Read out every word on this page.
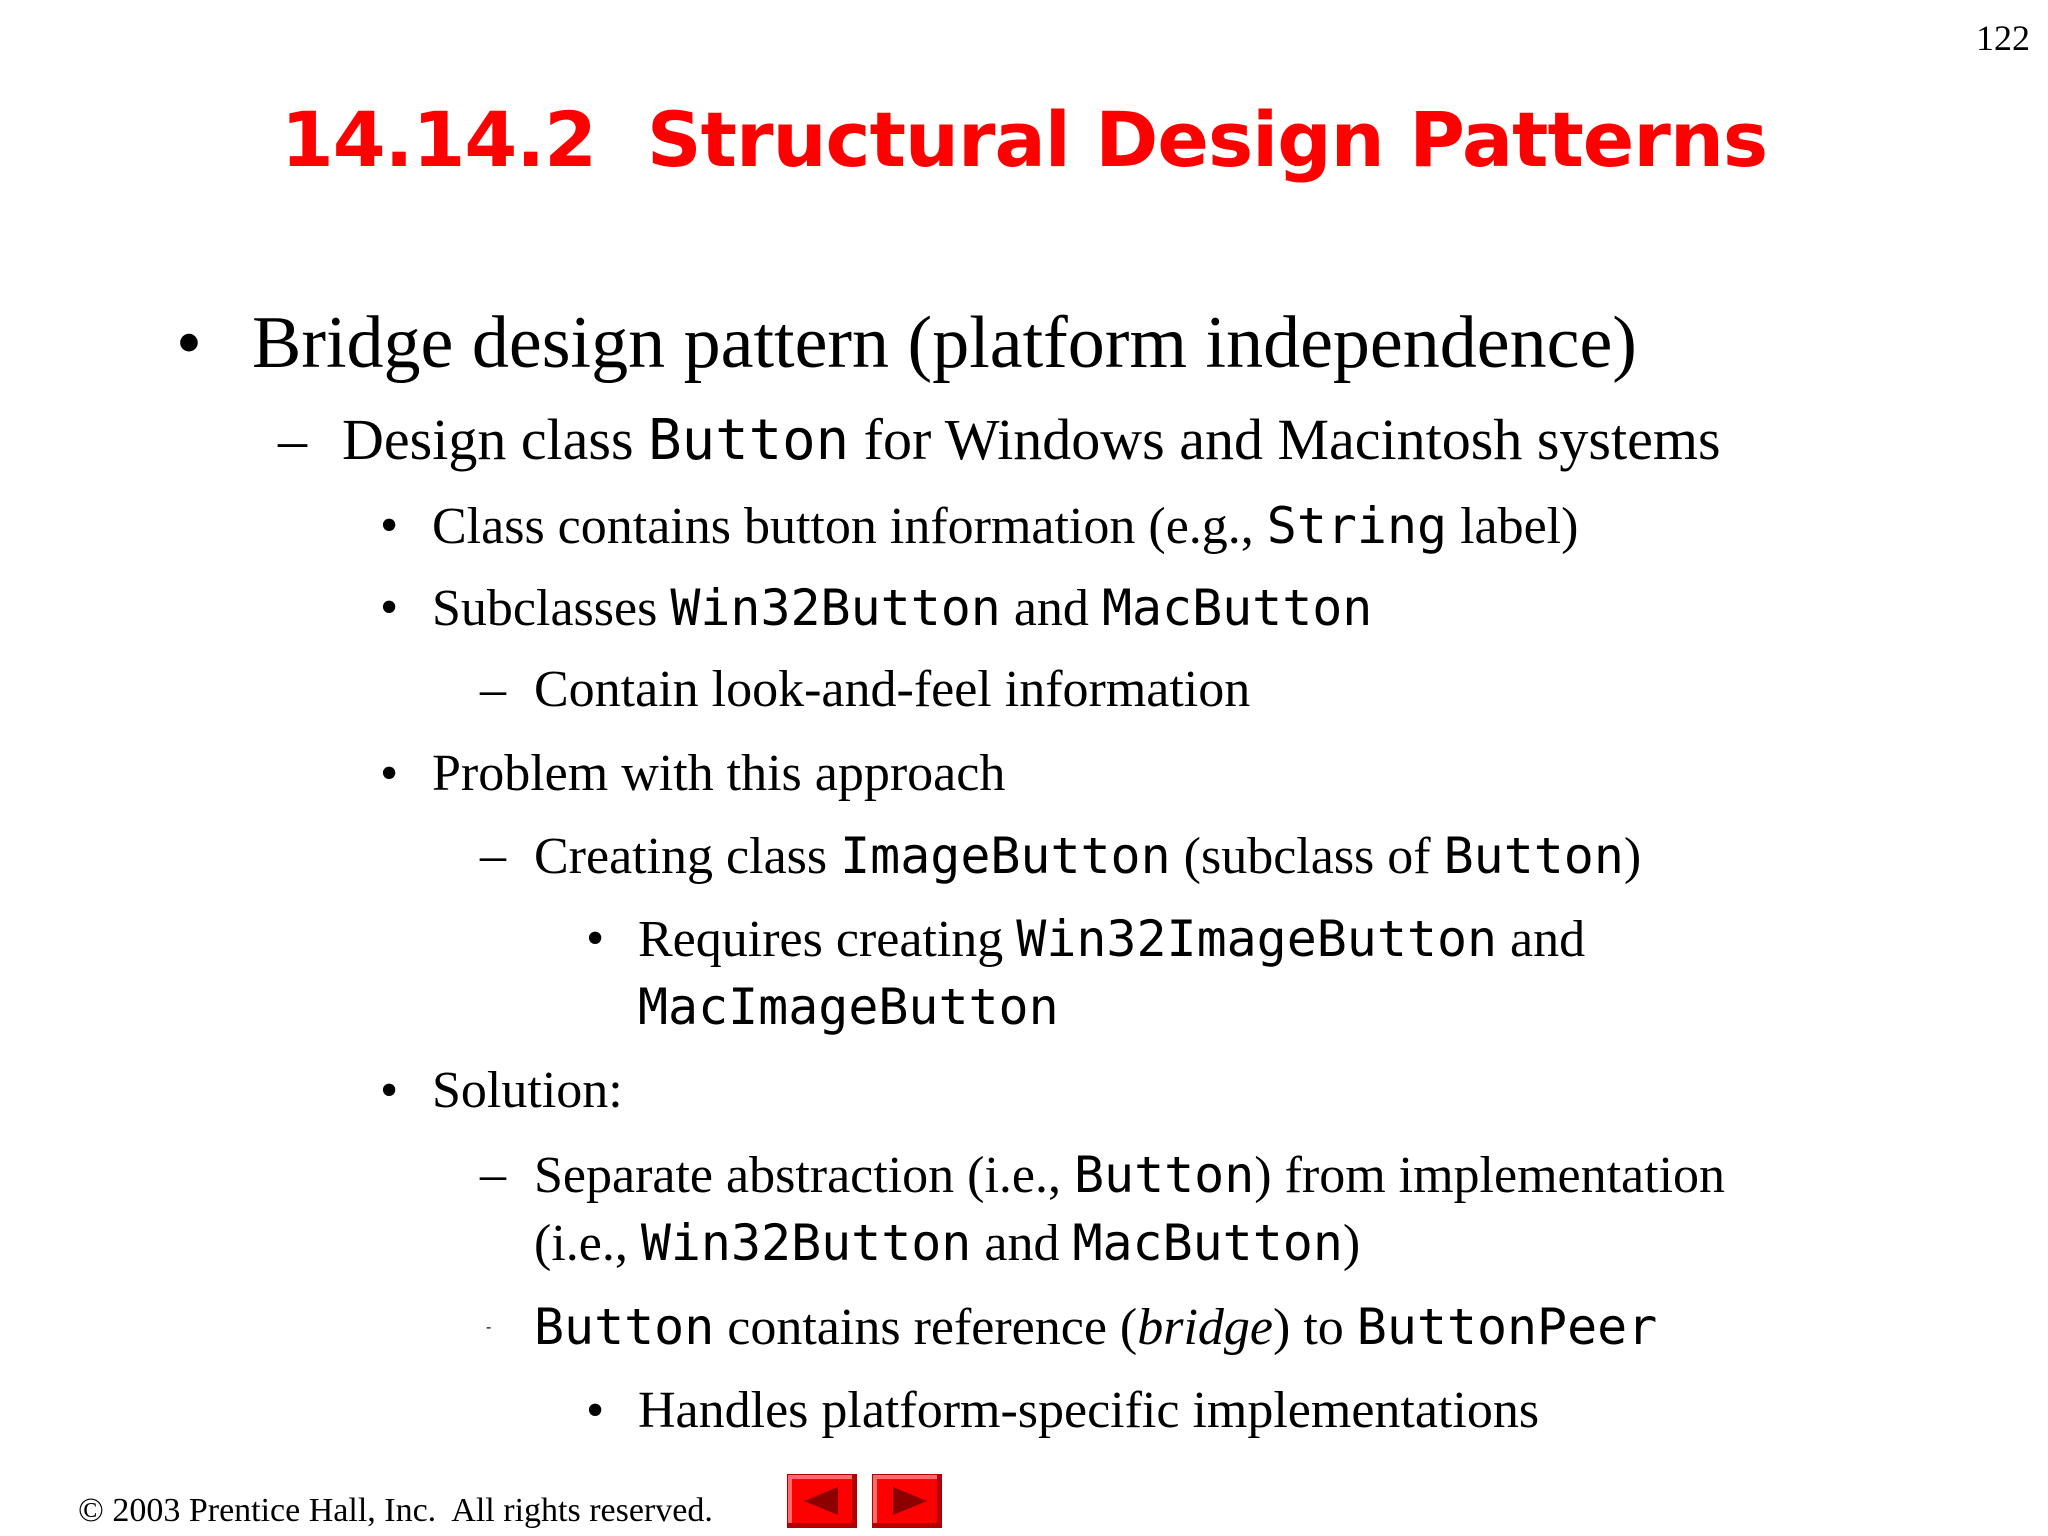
122
14.14.2  Structural Design Patterns
• Bridge design pattern (platform independence)
– Design class Button for Windows and Macintosh systems
• Class contains button information (e.g., String label)
• Subclasses Win32Button and MacButton
– Contain look-and-feel information
• Problem with this approach
– Creating class ImageButton (subclass of Button)
• Requires creating Win32ImageButton and
MacImageButton
• Solution:
– Separate abstraction (i.e., Button) from implementation
(i.e., Win32Button and MacButton)
- Button contains reference (bridge) to ButtonPeer
• Handles platform-specific implementations
© 2003 Prentice Hall, Inc.  All rights reserved.
